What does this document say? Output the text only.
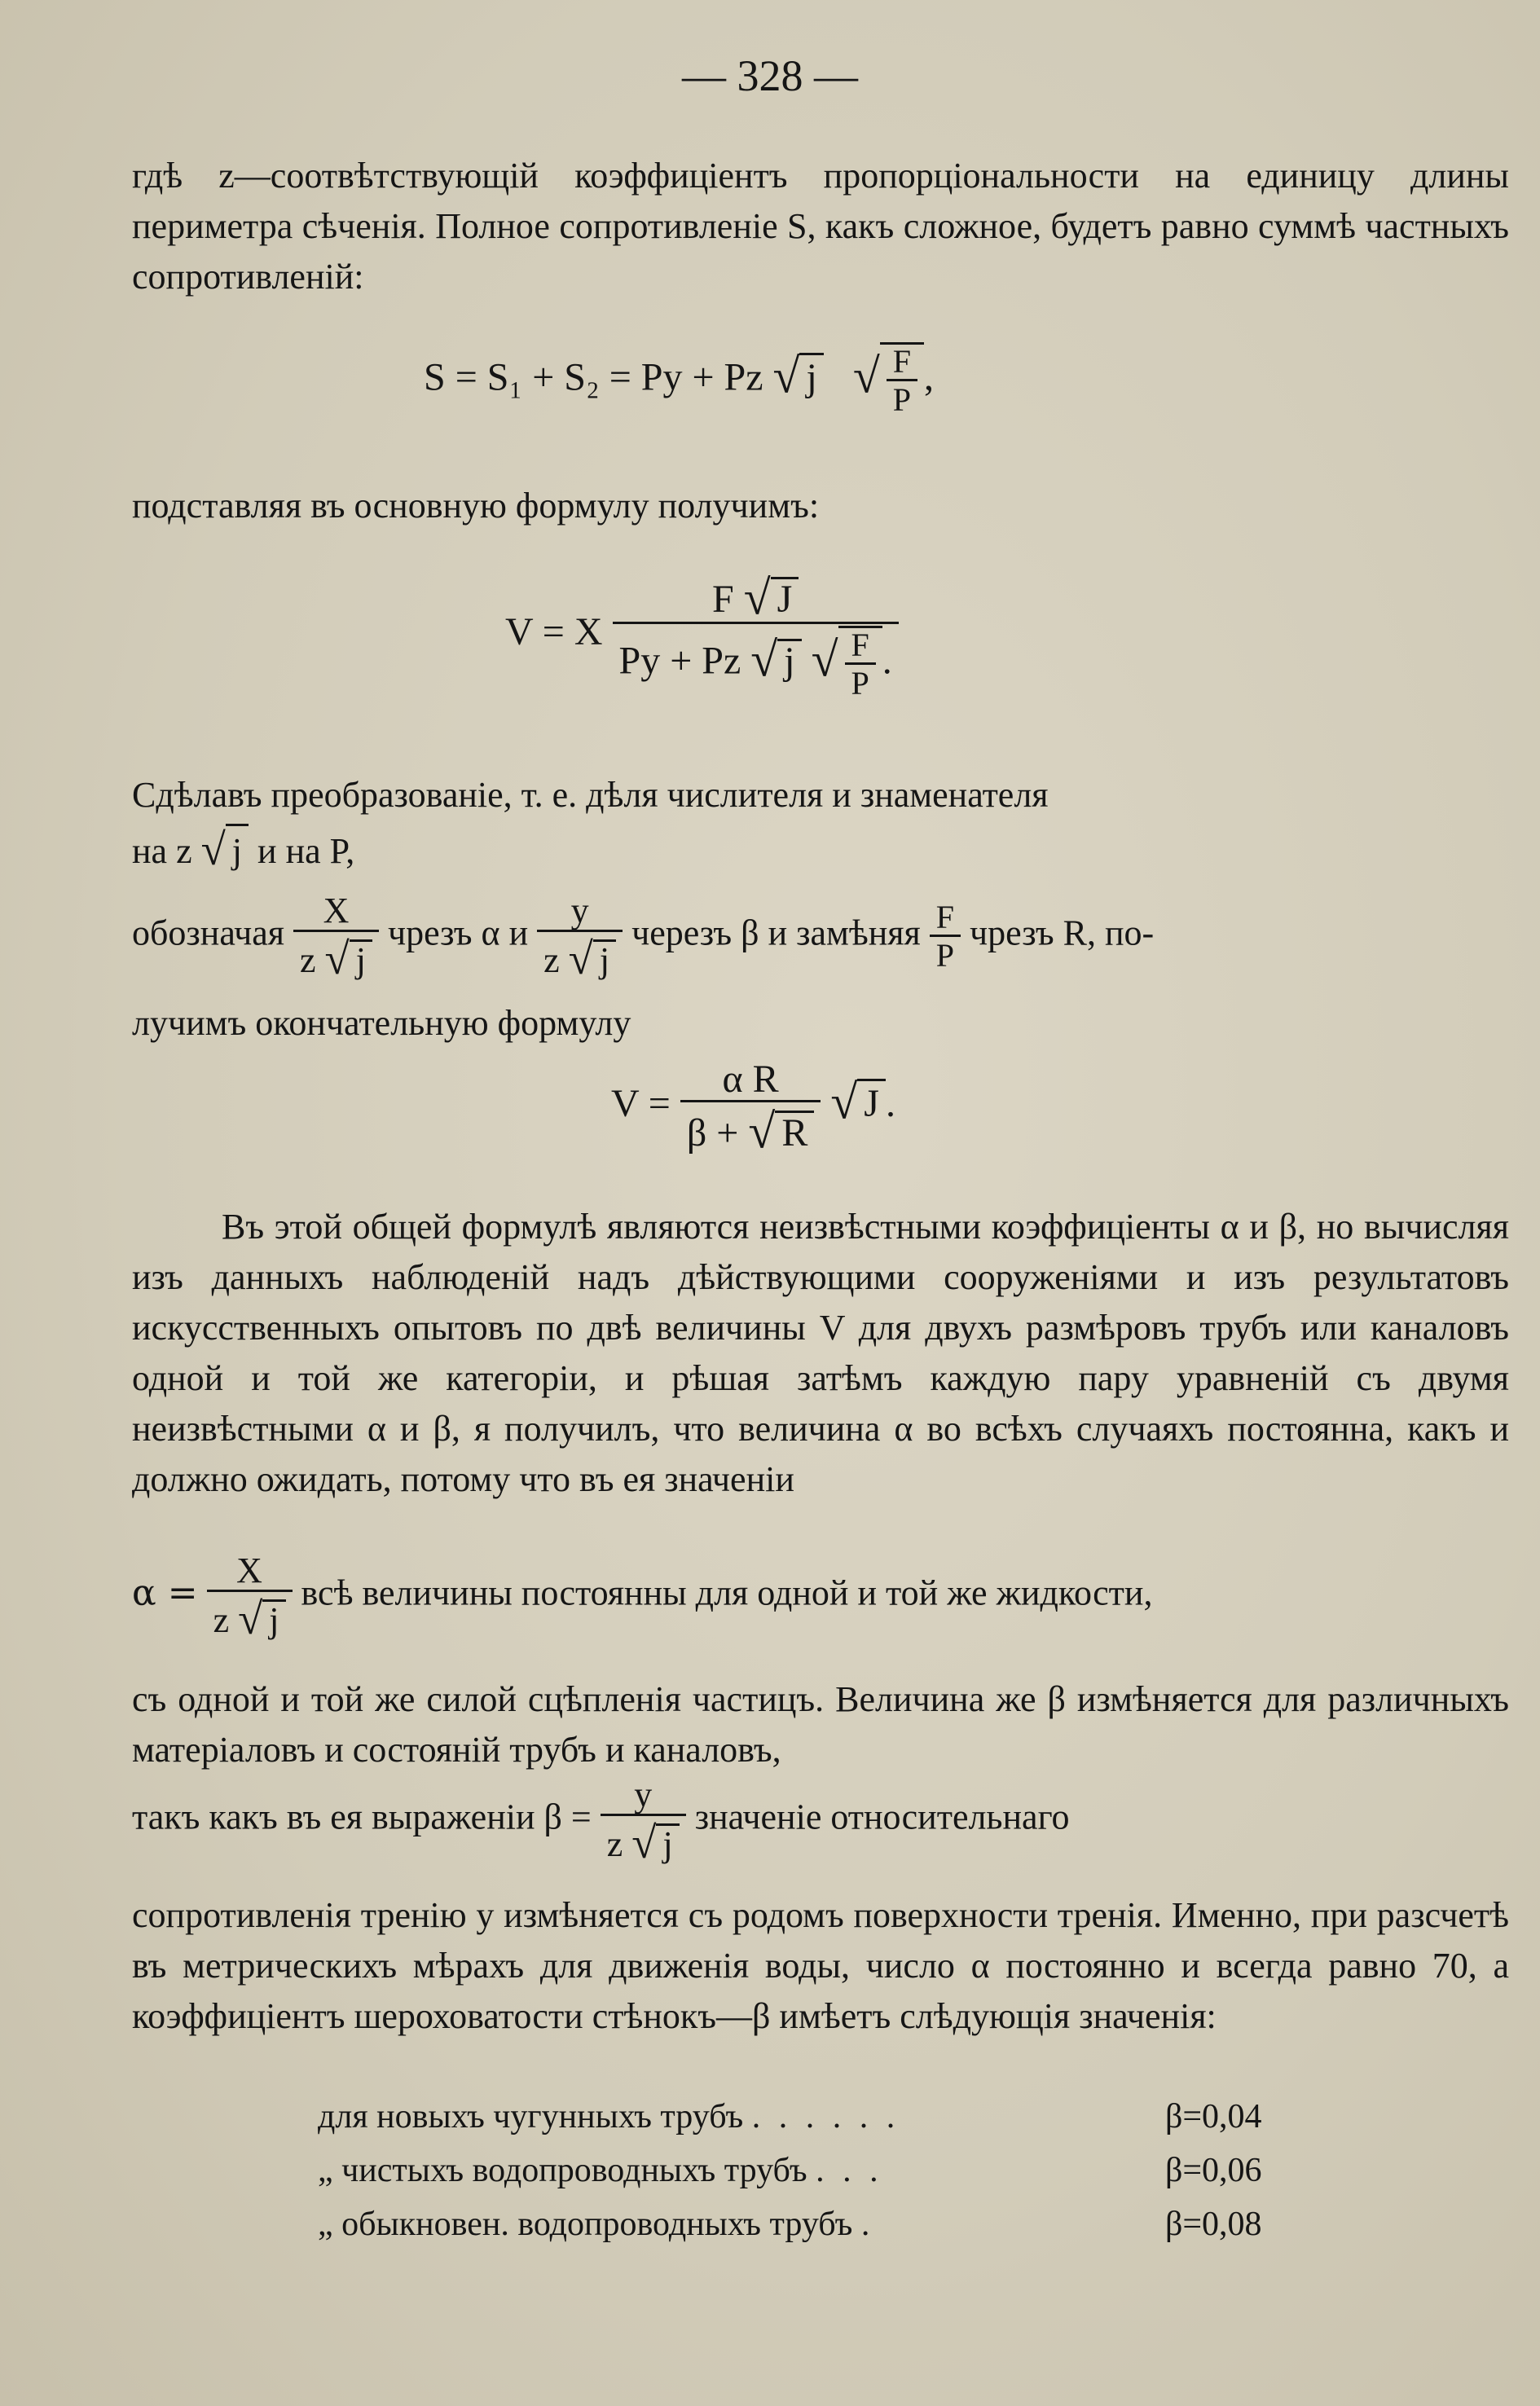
— 328 —

гдѣ z—соотвѣтствующій коэффиціентъ пропорціональности на единицу длины периметра сѣченія. Полное сопротивленіе S, какъ сложное, будетъ равно суммѣ частныхъ сопротивленій:

S = S₁ + S₂ = Py + Pz √ j √ $\frac{F}{P}$ ,

подставляя въ основную формулу получимъ:

V = X $\frac{F √ J}{Py + Pz √ j √ \frac{F}{P} .}$

Сдѣлавъ преобразованіе, т. е. дѣля числителя и знаменателя

на z √ j и на P,
обозначая $\frac{X}{z √ j}$ чрезъ α и $\frac{y}{z √ j}$ черезъ β и замѣняя $\frac{F}{P}$ чрезъ R, по-

лучимъ окончательную формулу

$V = \frac{\text{α R}}{\beta + √ R}$ √ J .

Въ этой общей формулѣ являются неизвѣстными коэффиціенты α и β, но вычисляя изъ данныхъ наблюденій надъ дѣйствующими сооруженіями и изъ результатовъ искусственныхъ опытовъ по двѣ величины V для двухъ размѣровъ трубъ или каналовъ одной и той же категоріи, и рѣшая затѣмъ каждую пару уравненій съ двумя неизвѣстными α и β, я получилъ, что величина α во всѣхъ случаяхъ постоянна, какъ и должно ожидать, потому что въ ея значеніи

$\alpha = \frac{X}{z √ j}$ всѣ величины постоянны для одной и той же жидкости,

съ одной и той же силой сцѣпленія частицъ. Величина же β измѣняется для различныхъ матеріаловъ и состояній трубъ и каналовъ,

такъ какъ въ ея выраженіи $\beta = \frac{y}{z √ j}$ значеніе относительнаго

сопротивленія тренію y измѣняется съ родомъ поверхности тренія. Именно, при разсчетѣ въ метрическихъ мѣрахъ для движенія воды, число α постоянно и всегда равно 70, а коэффиціентъ шероховатости стѣнокъ—β имѣетъ слѣдующія значенія:

для новыхъ чугунныхъ трубъ . . . . . .	β=0,04
„ чистыхъ водопроводныхъ трубъ . . .	β=0,06
„ обыкновен. водопроводныхъ трубъ .	β=0,08
